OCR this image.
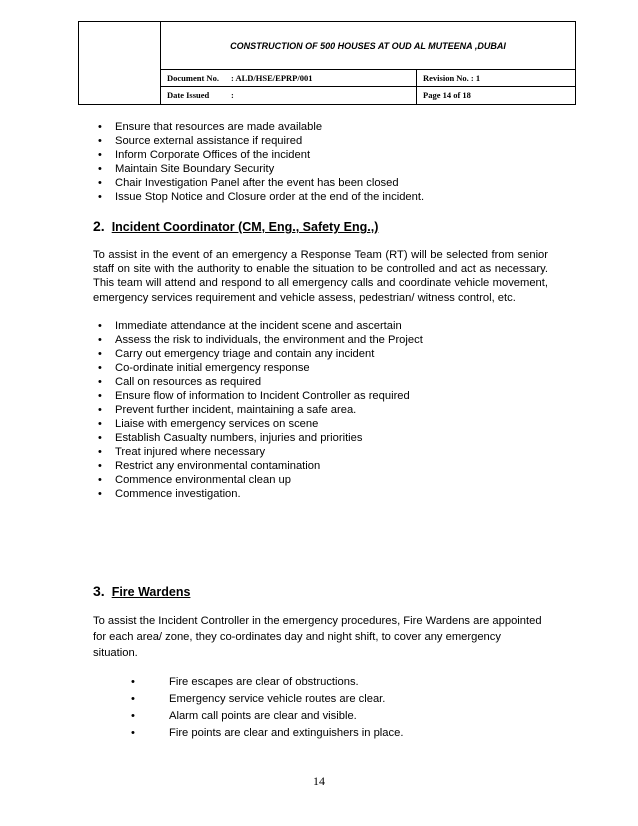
CONSTRUCTION OF 500 HOUSES AT OUD AL MUTEENA ,DUBAI
Document No. : ALD/HSE/EPRP/001	Revision No. : 1
Date Issued	:	Page 14 of 18
• Ensure that resources are made available
• Source external assistance if required
• Inform Corporate Offices of the incident
• Maintain Site Boundary Security
• Chair Investigation Panel after the event has been closed
• Issue Stop Notice and Closure order at the end of the incident.
2. Incident Coordinator (CM, Eng., Safety Eng.,)

To assist in the event of an emergency a Response Team (RT) will be selected from senior staff on site with the authority to enable the situation to be controlled and act as necessary. This team will attend and respond to all emergency calls and coordinate vehicle movement, emergency services requirement and vehicle assess, pedestrian/ witness control, etc.

• Immediate attendance at the incident scene and ascertain
• Assess the risk to individuals, the environment and the Project
• Carry out emergency triage and contain any incident
• Co-ordinate initial emergency response
• Call on resources as required
• Ensure flow of information to Incident Controller as required
• Prevent further incident, maintaining a safe area.
• Liaise with emergency services on scene
• Establish Casualty numbers, injuries and priorities
• Treat injured where necessary
• Restrict any environmental contamination
• Commence environmental clean up
• Commence investigation.
3. Fire Wardens

To assist the Incident Controller in the emergency procedures, Fire Wardens are appointed for each area/ zone, they co-ordinates day and night shift, to cover any emergency situation.

• Fire escapes are clear of obstructions.
• Emergency service vehicle routes are clear.
• Alarm call points are clear and visible.
• Fire points are clear and extinguishers in place.
14
